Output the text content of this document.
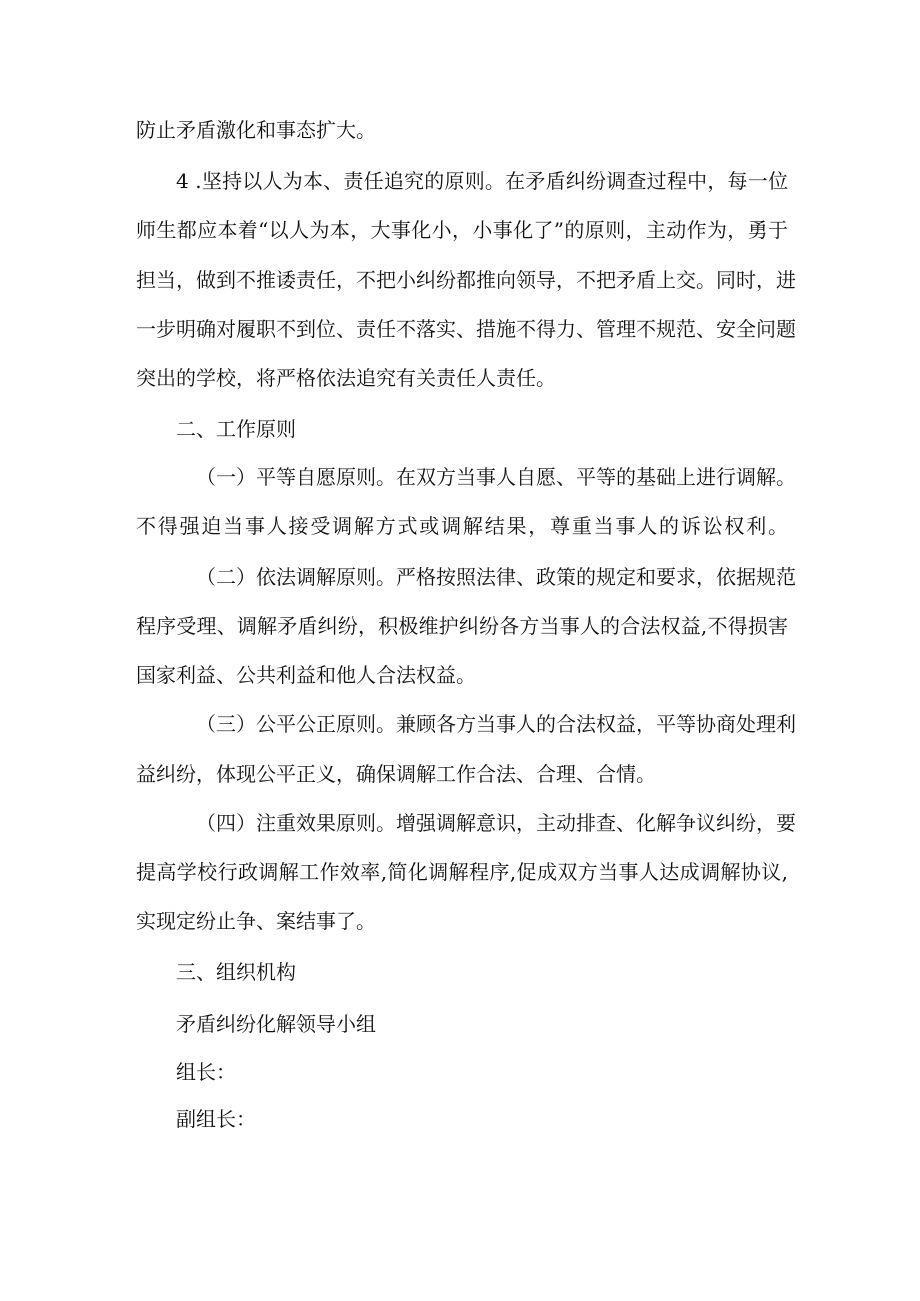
防止矛盾激化和事态扩大。
4 .坚持以人为本、责任追究的原则。在矛盾纠纷调查过程中，每一位
师生都应本着“以人为本，大事化小，小事化了”的原则，主动作为，勇于
担当，做到不推诿责任，不把小纠纷都推向领导，不把矛盾上交。同时，进
一步明确对履职不到位、责任不落实、措施不得力、管理不规范、安全问题
突出的学校，将严格依法追究有关责任人责任。
二、工作原则
（一）平等自愿原则。在双方当事人自愿、平等的基础上进行调解。
不得强迫当事人接受调解方式或调解结果，尊重当事人的诉讼权利。
（二）依法调解原则。严格按照法律、政策的规定和要求，依据规范
程序受理、调解矛盾纠纷，积极维护纠纷各方当事人的合法权益,不得损害
国家利益、公共利益和他人合法权益。
（三）公平公正原则。兼顾各方当事人的合法权益，平等协商处理利
益纠纷，体现公平正义，确保调解工作合法、合理、合情。
（四）注重效果原则。增强调解意识，主动排查、化解争议纠纷，要
提高学校行政调解工作效率,简化调解程序,促成双方当事人达成调解协议,
实现定纷止争、案结事了。
三、组织机构
矛盾纠纷化解领导小组
组长：
副组长：
